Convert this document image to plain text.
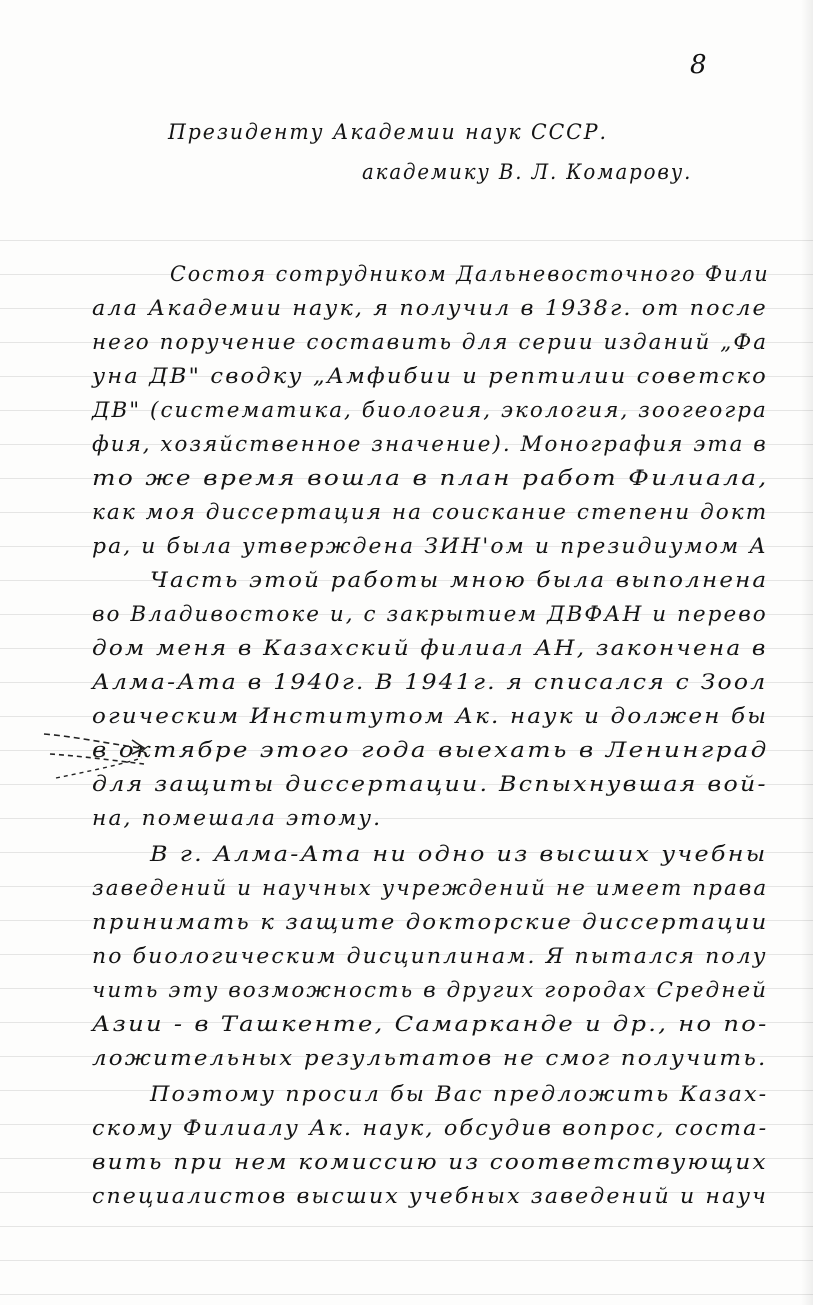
8
Президенту Академии наук СССР.
академику В. Л. Комарову.
Состоя сотрудником Дальневосточного Фили
ала Академии наук, я получил в 1938г. от после
него поручение составить для серии изданий „Фа
уна ДВ" сводку „Амфибии и рептилии советско
ДВ" (систематика, биология, экология, зоогеогра
фия, хозяйственное значение). Монография эта в
то же время вошла в план работ Филиала,
как моя диссертация на соискание степени докт
ра, и была утверждена ЗИН'ом и президиумом А
Часть этой работы мною была выполнена
во Владивостоке и, с закрытием ДВФАН и перево
дом меня в Казахский филиал АН, закончена в
Алма-Ата в 1940г. В 1941г. я списался с Зоол
огическим Институтом Ак. наук и должен бы
в октябре этого года выехать в Ленинград
для защиты диссертации. Вспыхнувшая вой-
на, помешала этому.
В г. Алма-Ата ни одно из высших учебны
заведений и научных учреждений не имеет права
принимать к защите докторские диссертации
по биологическим дисциплинам. Я пытался полу
чить эту возможность в других городах Средней
Азии - в Ташкенте, Самарканде и др., но по-
ложительных результатов не смог получить.
Поэтому просил бы Вас предложить Казах-
скому Филиалу Ак. наук, обсудив вопрос, соста-
вить при нем комиссию из соответствующих
специалистов высших учебных заведений и науч
